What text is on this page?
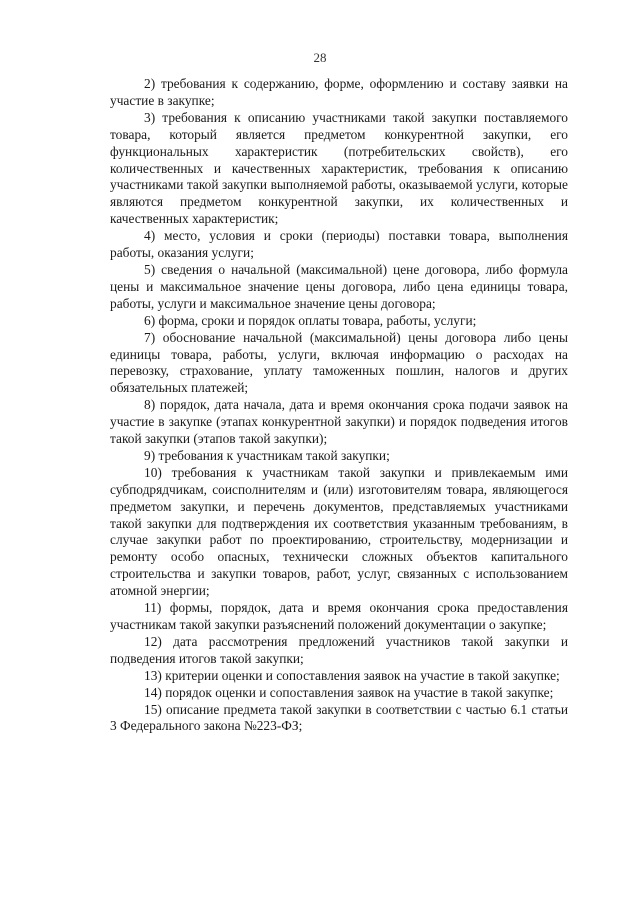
28

2) требования к содержанию, форме, оформлению и составу заявки на участие в закупке;

3) требования к описанию участниками такой закупки поставляемого товара, который является предметом конкурентной закупки, его функциональных характеристик (потребительских свойств), его количественных и качественных характеристик, требования к описанию участниками такой закупки выполняемой работы, оказываемой услуги, которые являются предметом конкурентной закупки, их количественных и качественных характеристик;

4) место, условия и сроки (периоды) поставки товара, выполнения работы, оказания услуги;

5) сведения о начальной (максимальной) цене договора, либо формула цены и максимальное значение цены договора, либо цена единицы товара, работы, услуги и максимальное значение цены договора;

6) форма, сроки и порядок оплаты товара, работы, услуги;

7) обоснование начальной (максимальной) цены договора либо цены единицы товара, работы, услуги, включая информацию о расходах на перевозку, страхование, уплату таможенных пошлин, налогов и других обязательных платежей;

8) порядок, дата начала, дата и время окончания срока подачи заявок на участие в закупке (этапах конкурентной закупки) и порядок подведения итогов такой закупки (этапов такой закупки);

9) требования к участникам такой закупки;

10) требования к участникам такой закупки и привлекаемым ими субподрядчикам, соисполнителям и (или) изготовителям товара, являющегося предметом закупки, и перечень документов, представляемых участниками такой закупки для подтверждения их соответствия указанным требованиям, в случае закупки работ по проектированию, строительству, модернизации и ремонту особо опасных, технически сложных объектов капитального строительства и закупки товаров, работ, услуг, связанных с использованием атомной энергии;

11) формы, порядок, дата и время окончания срока предоставления участникам такой закупки разъяснений положений документации о закупке;

12) дата рассмотрения предложений участников такой закупки и подведения итогов такой закупки;

13) критерии оценки и сопоставления заявок на участие в такой закупке;

14) порядок оценки и сопоставления заявок на участие в такой закупке;

15) описание предмета такой закупки в соответствии с частью 6.1 статьи 3 Федерального закона №223-ФЗ;
